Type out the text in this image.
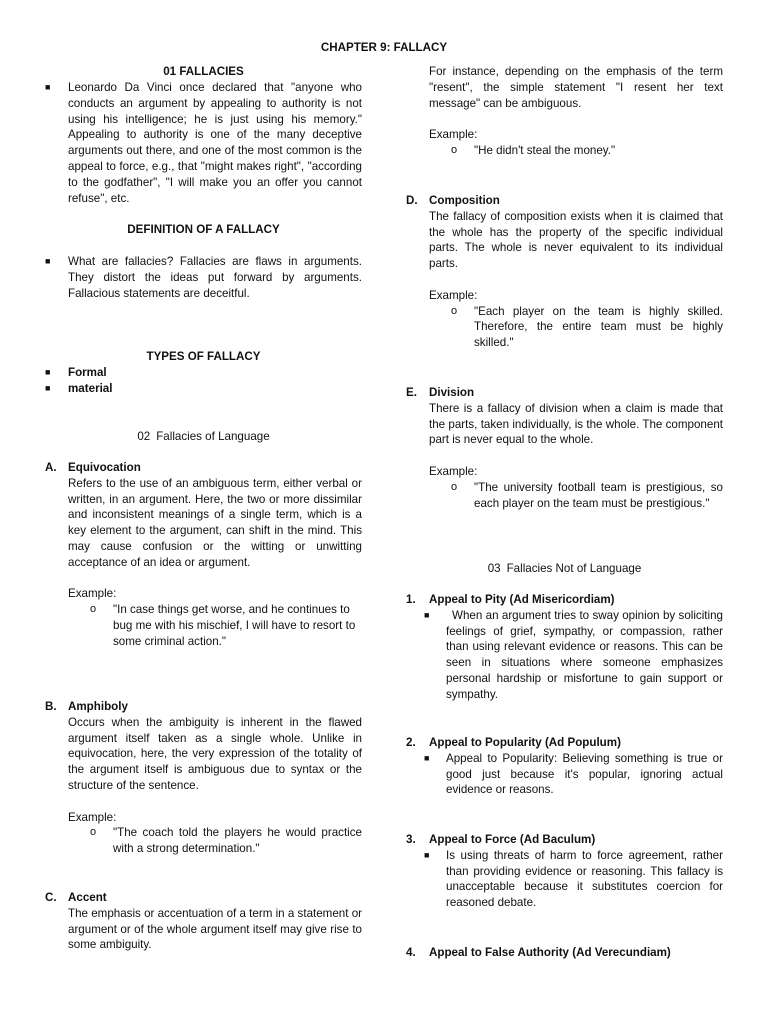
CHAPTER 9: FALLACY
01 FALLACIES
■ Leonardo Da Vinci once declared that "anyone who conducts an argument by appealing to authority is not using his intelligence; he is just using his memory." Appealing to authority is one of the many deceptive arguments out there, and one of the most common is the appeal to force, e.g., that "might makes right", "according to the godfather", "I will make you an offer you cannot refuse", etc.
DEFINITION OF A FALLACY
■ What are fallacies? Fallacies are flaws in arguments. They distort the ideas put forward by arguments. Fallacious statements are deceitful.
TYPES OF FALLACY
■ Formal
■ material
02 Fallacies of Language
A. Equivocation
Refers to the use of an ambiguous term, either verbal or written, in an argument. Here, the two or more dissimilar and inconsistent meanings of a single term, which is a key element to the argument, can shift in the mind. This may cause confusion or the witting or unwitting acceptance of an idea or argument.
Example:
o "In case things get worse, and he continues to bug me with his mischief, I will have to resort to some criminal action."
B. Amphiboly
Occurs when the ambiguity is inherent in the flawed argument itself taken as a single whole. Unlike in equivocation, here, the very expression of the totality of the argument itself is ambiguous due to syntax or the structure of the sentence.
Example:
o "The coach told the players he would practice with a strong determination."
C. Accent
The emphasis or accentuation of a term in a statement or argument or of the whole argument itself may give rise to some ambiguity.
For instance, depending on the emphasis of the term "resent", the simple statement "I resent her text message" can be ambiguous.
Example:
o "He didn't steal the money."
D. Composition
The fallacy of composition exists when it is claimed that the whole has the property of the specific individual parts. The whole is never equivalent to its individual parts.
Example:
o "Each player on the team is highly skilled. Therefore, the entire team must be highly skilled."
E. Division
There is a fallacy of division when a claim is made that the parts, taken individually, is the whole. The component part is never equal to the whole.
Example:
o "The university football team is prestigious, so each player on the team must be prestigious."
03 Fallacies Not of Language
1. Appeal to Pity (Ad Misericordiam)
■	When an argument tries to sway opinion by soliciting feelings of grief, sympathy, or compassion, rather than using relevant evidence or reasons. This can be seen in situations where someone emphasizes personal hardship or misfortune to gain support or sympathy.
2. Appeal to Popularity (Ad Populum)
■ Appeal to Popularity: Believing something is true or good just because it's popular, ignoring actual evidence or reasons.
3. Appeal to Force (Ad Baculum)
■ Is using threats of harm to force agreement, rather than providing evidence or reasoning. This fallacy is unacceptable because it substitutes coercion for reasoned debate.
4. Appeal to False Authority (Ad Verecundiam)
